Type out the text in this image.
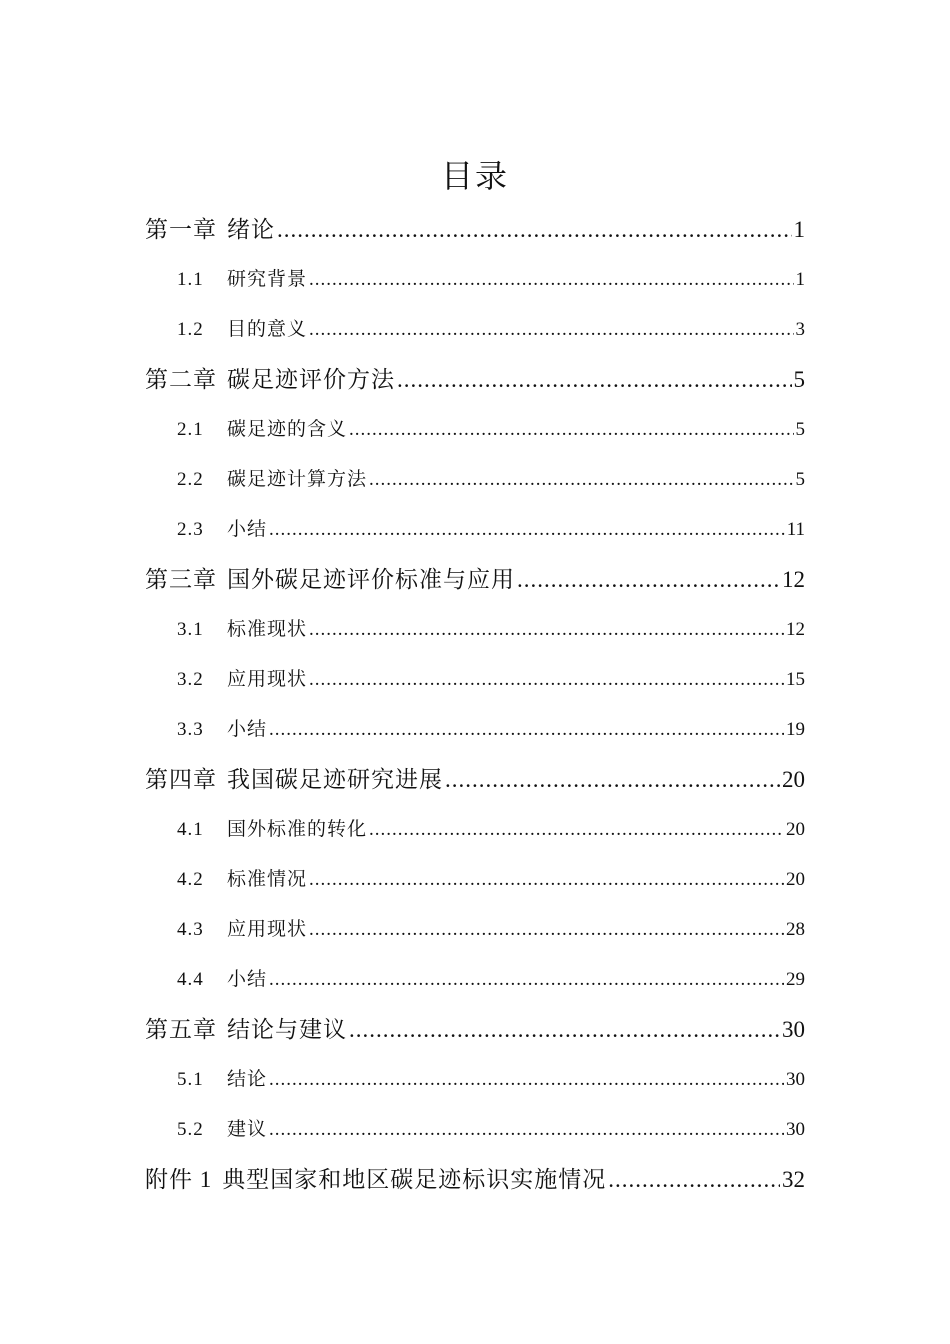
目录
第一章 绪论 .....	1
1.1	研究背景 .....	1
1.2	目的意义 .....	3
第二章 碳足迹评价方法 .....	5
2.1	碳足迹的含义 .....	5
2.2	碳足迹计算方法 .....	5
2.3	小结 .....	11
第三章 国外碳足迹评价标准与应用 .....	12
3.1	标准现状 .....	12
3.2	应用现状 .....	15
3.3	小结 .....	19
第四章 我国碳足迹研究进展 .....	20
4.1	国外标准的转化 .....	20
4.2	标准情况 .....	20
4.3	应用现状 .....	28
4.4	小结 .....	29
第五章 结论与建议 .....	30
5.1	结论 .....	30
5.2	建议 .....	30
附件 1 典型国家和地区碳足迹标识实施情况 .....	32
